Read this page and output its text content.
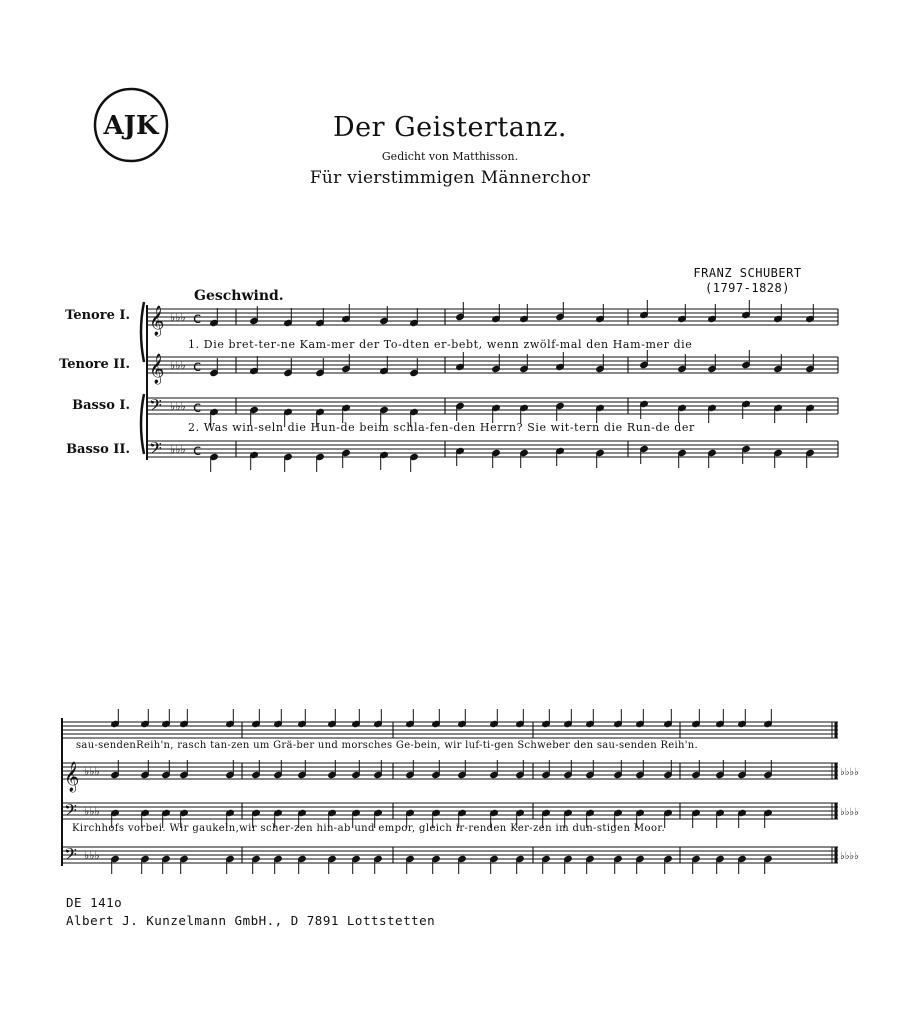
AJK	Der Geistertanz.
Gedicht von Matthisson.
Für vierstimmigen Männerchor
FRANZ SCHUBERT
(1797-1828)
Geschwind.
Tenore I.
Tenore II.
Basso I.
Basso II.
𝄞
𝄞
𝄢
𝄢
♭♭♭ c
♭♭♭ c
♭♭♭ c
♭♭♭ c
𝄞
𝄢
𝄢
♭♭♭	♭♭♭♭
♭♭♭	♭♭♭♭
♭♭♭	♭♭♭♭
1. Die bret-ter-ne Kam-mer der To-dten er-bebt, wenn zwölf-mal den Ham-mer die
2. Was win-seln die Hun-de beim schla-fen-den Herrn? Sie wit-tern die Run-de der
sau-sendenReih'n, rasch tan-zen um Grä-ber und morsches Ge-bein, wir luf-ti-gen Schweber den sau-senden Reih'n.
Kirchhofs vorbei. Wir gaukeln,wir scher-zen hin-ab und empor, gleich ir-renden Ker-zen im dun-stigen Moor.
DE 141o
Albert J. Kunzelmann GmbH., D 7891 Lottstetten
